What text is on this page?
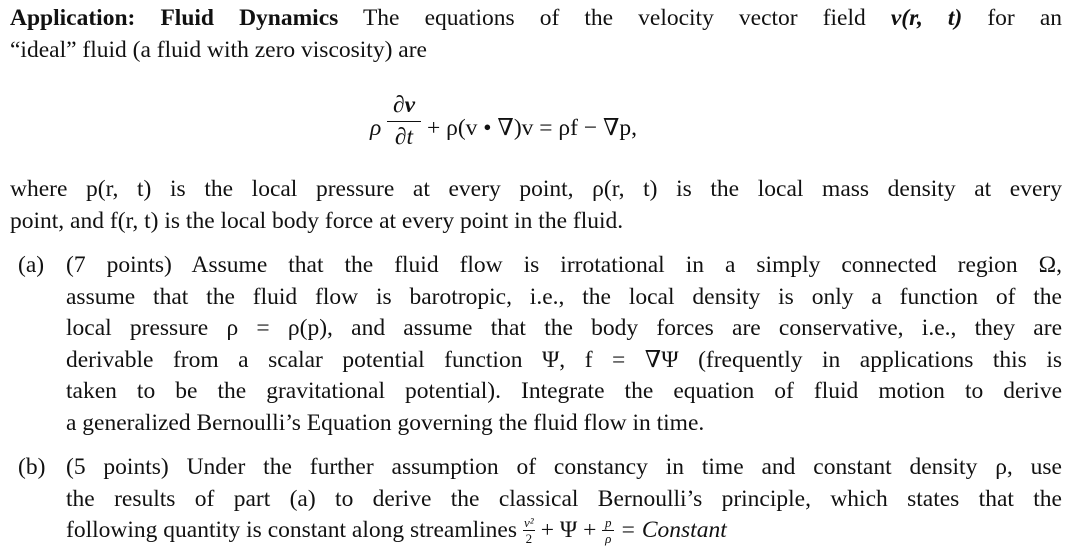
Application: Fluid Dynamics The equations of the velocity vector field v(r, t) for an
“ideal” fluid (a fluid with zero viscosity) are
ρ
∂v
∂t + ρ(v • ∇)v = ρf − ∇p,
where p(r, t) is the local pressure at every point, ρ(r, t) is the local mass density at every
point, and f(r, t) is the local body force at every point in the fluid.
(a) (7 points) Assume that the fluid flow is irrotational in a simply connected region Ω,
assume that the fluid flow is barotropic, i.e., the local density is only a function of the
local pressure ρ = ρ(p), and assume that the body forces are conservative, i.e., they are
derivable from a scalar potential function Ψ, f = ∇Ψ (frequently in applications this is
taken to be the gravitational potential). Integrate the equation of fluid motion to derive
a generalized Bernoulli’s Equation governing the fluid flow in time.
(b) (5 points) Under the further assumption of constancy in time and constant density ρ, use
the results of part (a) to derive the classical Bernoulli’s principle, which states that the
following quantity is constant along streamlines $\frac{\text{v²}}{2} + \Psi + \frac{p}{\rho}$ = Constant
